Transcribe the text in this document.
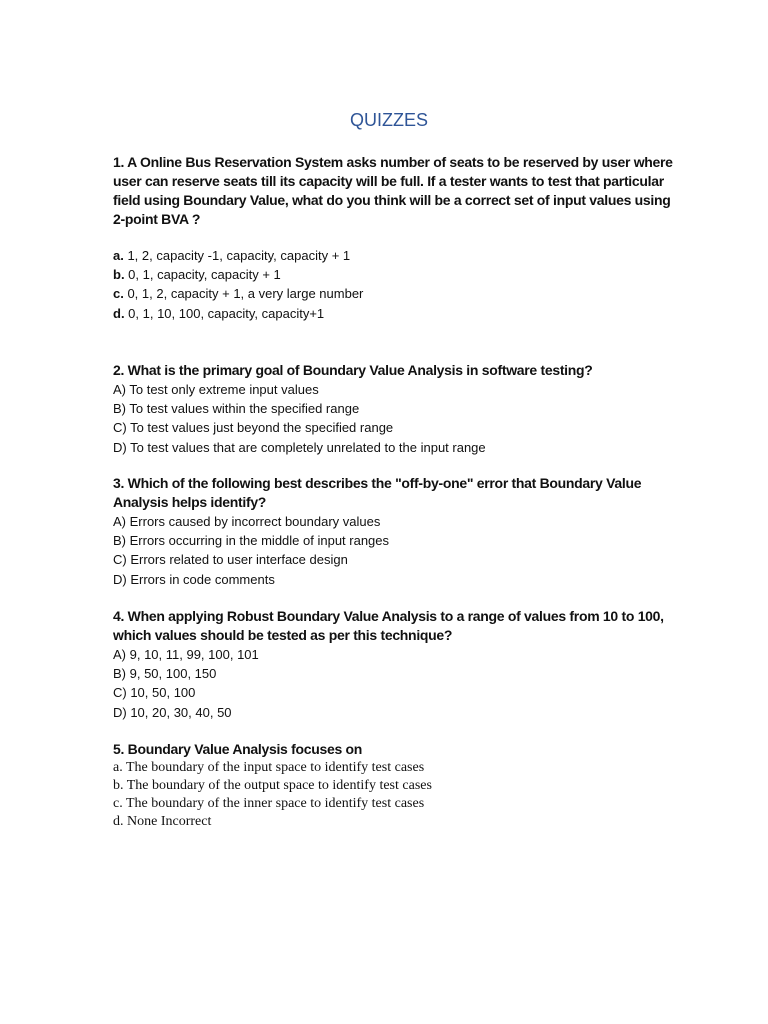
QUIZZES

1. A Online Bus Reservation System asks number of seats to be reserved by user where user can reserve seats till its capacity will be full. If a tester wants to test that particular field using Boundary Value, what do you think will be a correct set of input values using 2-point BVA ?

a. 1, 2, capacity -1, capacity, capacity + 1
b. 0, 1, capacity, capacity + 1
c. 0, 1, 2, capacity + 1, a very large number
d. 0, 1, 10, 100, capacity, capacity+1

2. What is the primary goal of Boundary Value Analysis in software testing?

A) To test only extreme input values
B) To test values within the specified range
C) To test values just beyond the specified range
D) To test values that are completely unrelated to the input range

3. Which of the following best describes the "off-by-one" error that Boundary Value Analysis helps identify?

A) Errors caused by incorrect boundary values
B) Errors occurring in the middle of input ranges
C) Errors related to user interface design
D) Errors in code comments

4. When applying Robust Boundary Value Analysis to a range of values from 10 to 100, which values should be tested as per this technique?

A) 9, 10, 11, 99, 100, 101
B) 9, 50, 100, 150
C) 10, 50, 100
D) 10, 20, 30, 40, 50

5. Boundary Value Analysis focuses on

a. The boundary of the input space to identify test cases
b. The boundary of the output space to identify test cases
c. The boundary of the inner space to identify test cases
d. None Incorrect
